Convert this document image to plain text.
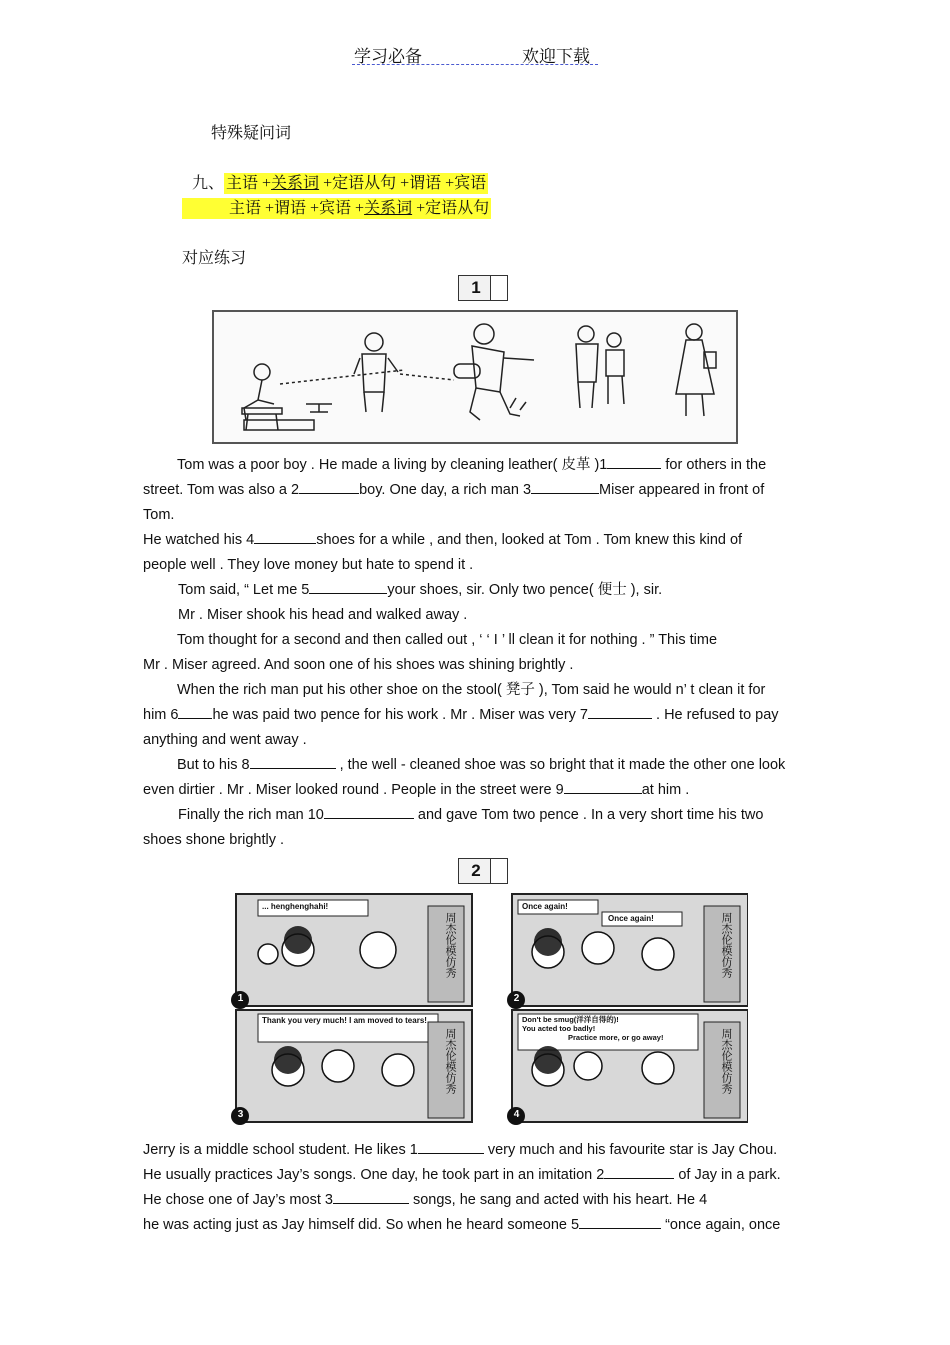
学习必备	欢迎下载
特殊疑问词
九、 主语 +关系词 +定语从句 +谓语 +宾语
主语 +谓语 +宾语 +关系词 +定语从句
对应练习
1
Tom was a poor boy . He made a living by cleaning leather( 皮革 )1	for others in the
street. Tom was also a 2	boy. One day, a rich man 3	Miser appeared in front of
Tom.
He watched his 4	shoes for a while , and then, looked at Tom . Tom knew this kind of
people well . They love money but hate to spend it .
Tom said, “ Let me 5	your shoes, sir. Only two pence( 便士 ), sir.
Mr . Miser shook his head and walked away .
Tom thought for a second and then called out , ‘ ‘ I ’ ll clean it for nothing . ” This time
Mr . Miser agreed. And soon one of his shoes was shining brightly .
When the rich man put his other shoe on the stool( 凳子 ), Tom said he would n’ t clean it for
him 6 he was paid two pence for his work . Mr . Miser was very 7	. He refused to pay
anything and went away .
But to his 8	, the well - cleaned shoe was so bright that it made the other one look
even dirtier . Mr . Miser looked round . People in the street were 9	at him .
Finally the rich man 10	and gave Tom two pence . In a very short time his two
shoes shone brightly .
2
... henghenghahi!	Once again!
Once again!
Thank you very much! I am moved to tears!	Don't be smug(洋洋自得的)!
You acted too badly!
Practice more, or go away!
周杰伦模仿秀	周杰伦模仿秀
周杰伦模仿秀	周杰伦模仿秀
1	2
3	4
Jerry is a middle school student. He likes 1	very much and his favourite star is Jay Chou.
He usually practices Jay’s songs. One day, he took part in an imitation 2	of Jay in a park.
He chose one of Jay’s most 3	songs, he sang and acted with his heart. He 4
he was acting just as Jay himself did. So when he heard someone 5	“once again, once
